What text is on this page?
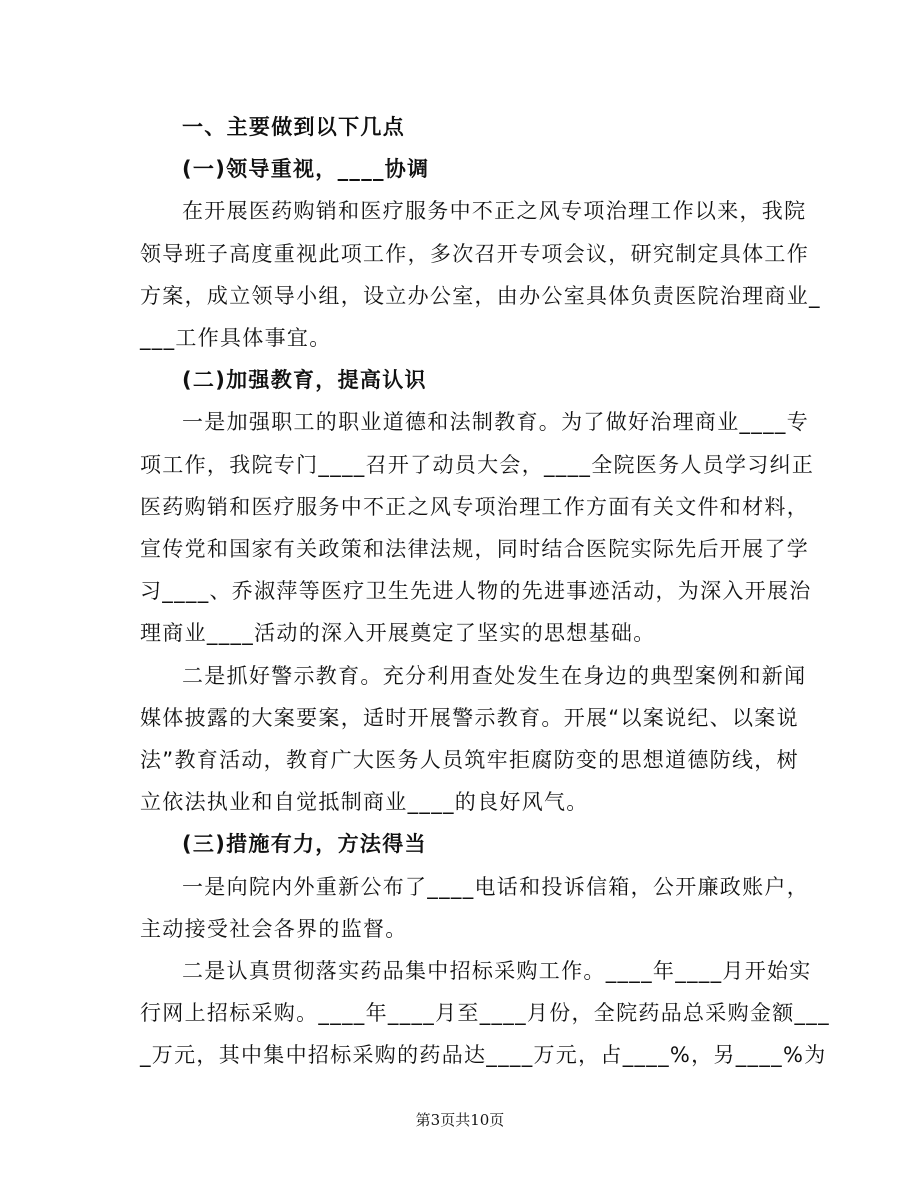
一、主要做到以下几点
(一)领导重视，____协调
在开展医药购销和医疗服务中不正之风专项治理工作以来，我院
领导班子高度重视此项工作，多次召开专项会议，研究制定具体工作
方案，成立领导小组，设立办公室，由办公室具体负责医院治理商业_
___工作具体事宜。
(二)加强教育，提高认识
一是加强职工的职业道德和法制教育。为了做好治理商业____专
项工作，我院专门____召开了动员大会，____全院医务人员学习纠正
医药购销和医疗服务中不正之风专项治理工作方面有关文件和材料，
宣传党和国家有关政策和法律法规，同时结合医院实际先后开展了学
习____、乔淑萍等医疗卫生先进人物的先进事迹活动，为深入开展治
理商业____活动的深入开展奠定了坚实的思想基础。
二是抓好警示教育。充分利用查处发生在身边的典型案例和新闻
媒体披露的大案要案，适时开展警示教育。开展“以案说纪、以案说
法”教育活动，教育广大医务人员筑牢拒腐防变的思想道德防线，树
立依法执业和自觉抵制商业____的良好风气。
(三)措施有力，方法得当
一是向院内外重新公布了____电话和投诉信箱，公开廉政账户，
主动接受社会各界的监督。
二是认真贯彻落实药品集中招标采购工作。____年____月开始实
行网上招标采购。____年____月至____月份，全院药品总采购金额___
_万元，其中集中招标采购的药品达____万元，占____%，另____%为
第3页共10页
